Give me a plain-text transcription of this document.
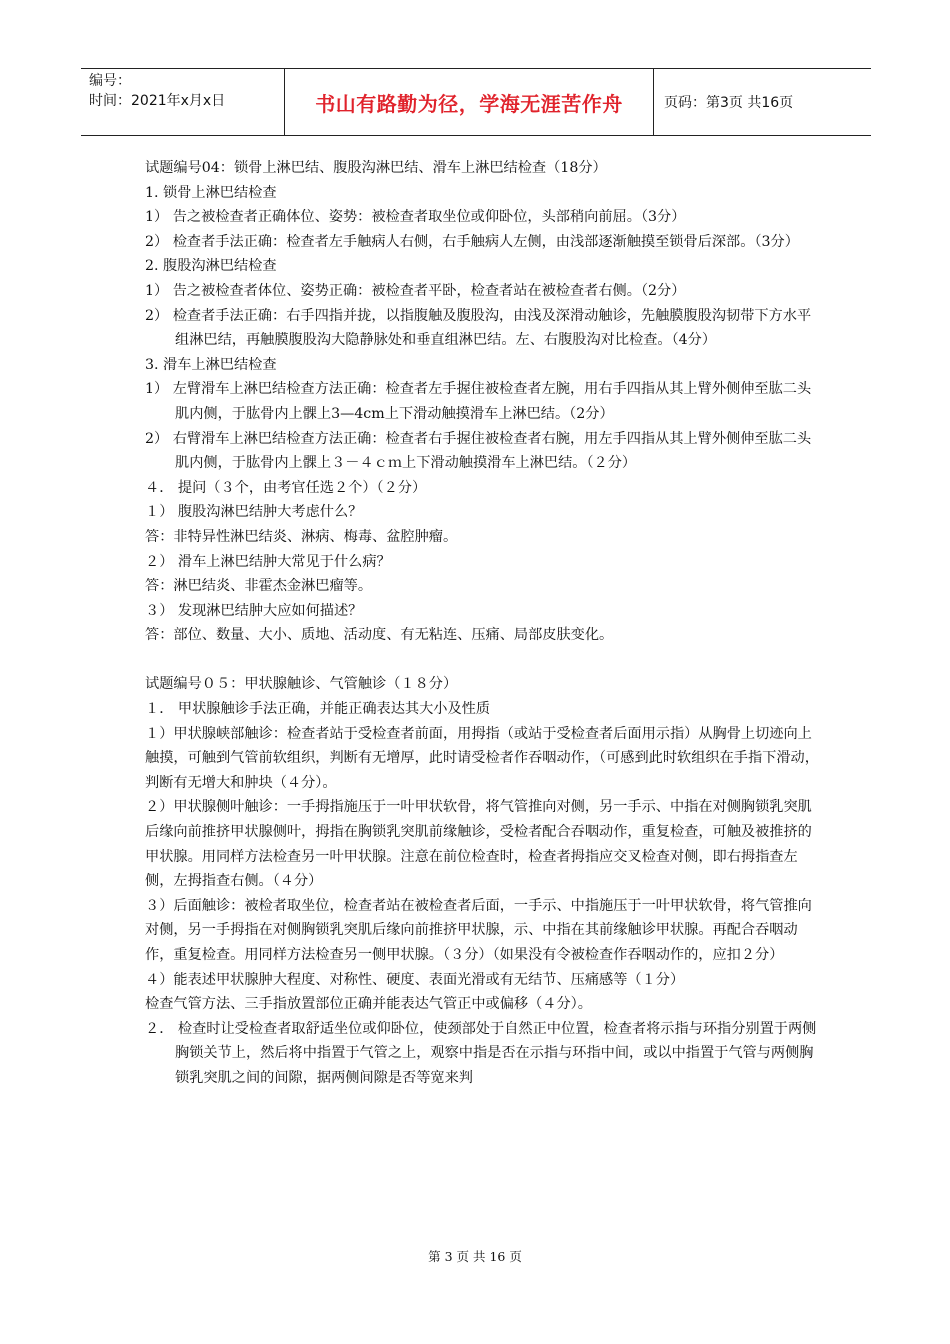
编号：
时间：2021年x月x日	书山有路勤为径，学海无涯苦作舟	页码：第3页 共16页
试题编号04：锁骨上淋巴结、腹股沟淋巴结、滑车上淋巴结检查（18分）
1. 锁骨上淋巴结检查
1） 告之被检查者正确体位、姿势：被检查者取坐位或仰卧位，头部稍向前屈。（3分）
2） 检查者手法正确：检查者左手触病人右侧，右手触病人左侧，由浅部逐渐触摸至锁骨后深部。（3分）
2. 腹股沟淋巴结检查
1） 告之被检查者体位、姿势正确：被检查者平卧，检查者站在被检查者右侧。（2分）
2） 检查者手法正确：右手四指并拢，以指腹触及腹股沟，由浅及深滑动触诊，先触膜腹股沟韧带下方水平组淋巴结，再触膜腹股沟大隐静脉处和垂直组淋巴结。左、右腹股沟对比检查。（4分）
3. 滑车上淋巴结检查
1） 左臂滑车上淋巴结检查方法正确：检查者左手握住被检查者左腕，用右手四指从其上臂外侧伸至肱二头肌内侧，于肱骨内上髁上3—4cm上下滑动触摸滑车上淋巴结。（2分）
2） 右臂滑车上淋巴结检查方法正确：检查者右手握住被检查者右腕，用左手四指从其上臂外侧伸至肱二头肌内侧，于肱骨内上髁上３－４ｃｍ上下滑动触摸滑车上淋巴结。（２分）
４． 提问（３个，由考官任选２个）（２分）
１） 腹股沟淋巴结肿大考虑什么？
答：非特异性淋巴结炎、淋病、梅毒、盆腔肿瘤。
２） 滑车上淋巴结肿大常见于什么病？
答：淋巴结炎、非霍杰金淋巴瘤等。
３） 发现淋巴结肿大应如何描述？
答：部位、数量、大小、质地、活动度、有无粘连、压痛、局部皮肤变化。
试题编号０５：甲状腺触诊、气管触诊（１８分）
１． 甲状腺触诊手法正确，并能正确表达其大小及性质
１）甲状腺峡部触诊：检查者站于受检查者前面，用拇指（或站于受检查者后面用示指）从胸骨上切迹向上触摸，可触到气管前软组织，判断有无增厚，此时请受检者作吞咽动作，（可感到此时软组织在手指下滑动，判断有无增大和肿块（４分）。
２）甲状腺侧叶触诊：一手拇指施压于一叶甲状软骨，将气管推向对侧，另一手示、中指在对侧胸锁乳突肌后缘向前推挤甲状腺侧叶，拇指在胸锁乳突肌前缘触诊，受检者配合吞咽动作，重复检查，可触及被推挤的甲状腺。用同样方法检查另一叶甲状腺。注意在前位检查时，检查者拇指应交叉检查对侧，即右拇指查左侧，左拇指查右侧。（４分）
３）后面触诊：被检者取坐位，检查者站在被检查者后面，一手示、中指施压于一叶甲状软骨，将气管推向对侧，另一手拇指在对侧胸锁乳突肌后缘向前推挤甲状腺，示、中指在其前缘触诊甲状腺。再配合吞咽动作，重复检查。用同样方法检查另一侧甲状腺。（３分）（如果没有令被检查作吞咽动作的，应扣２分）
４）能表述甲状腺肿大程度、对称性、硬度、表面光滑或有无结节、压痛感等（１分）
检查气管方法、三手指放置部位正确并能表达气管正中或偏移（４分）。
２． 检查时让受检查者取舒适坐位或仰卧位，使颈部处于自然正中位置，检查者将示指与环指分别置于两侧胸锁关节上，然后将中指置于气管之上，观察中指是否在示指与环指中间，或以中指置于气管与两侧胸锁乳突肌之间的间隙，据两侧间隙是否等宽来判
第 3 页 共 16 页
